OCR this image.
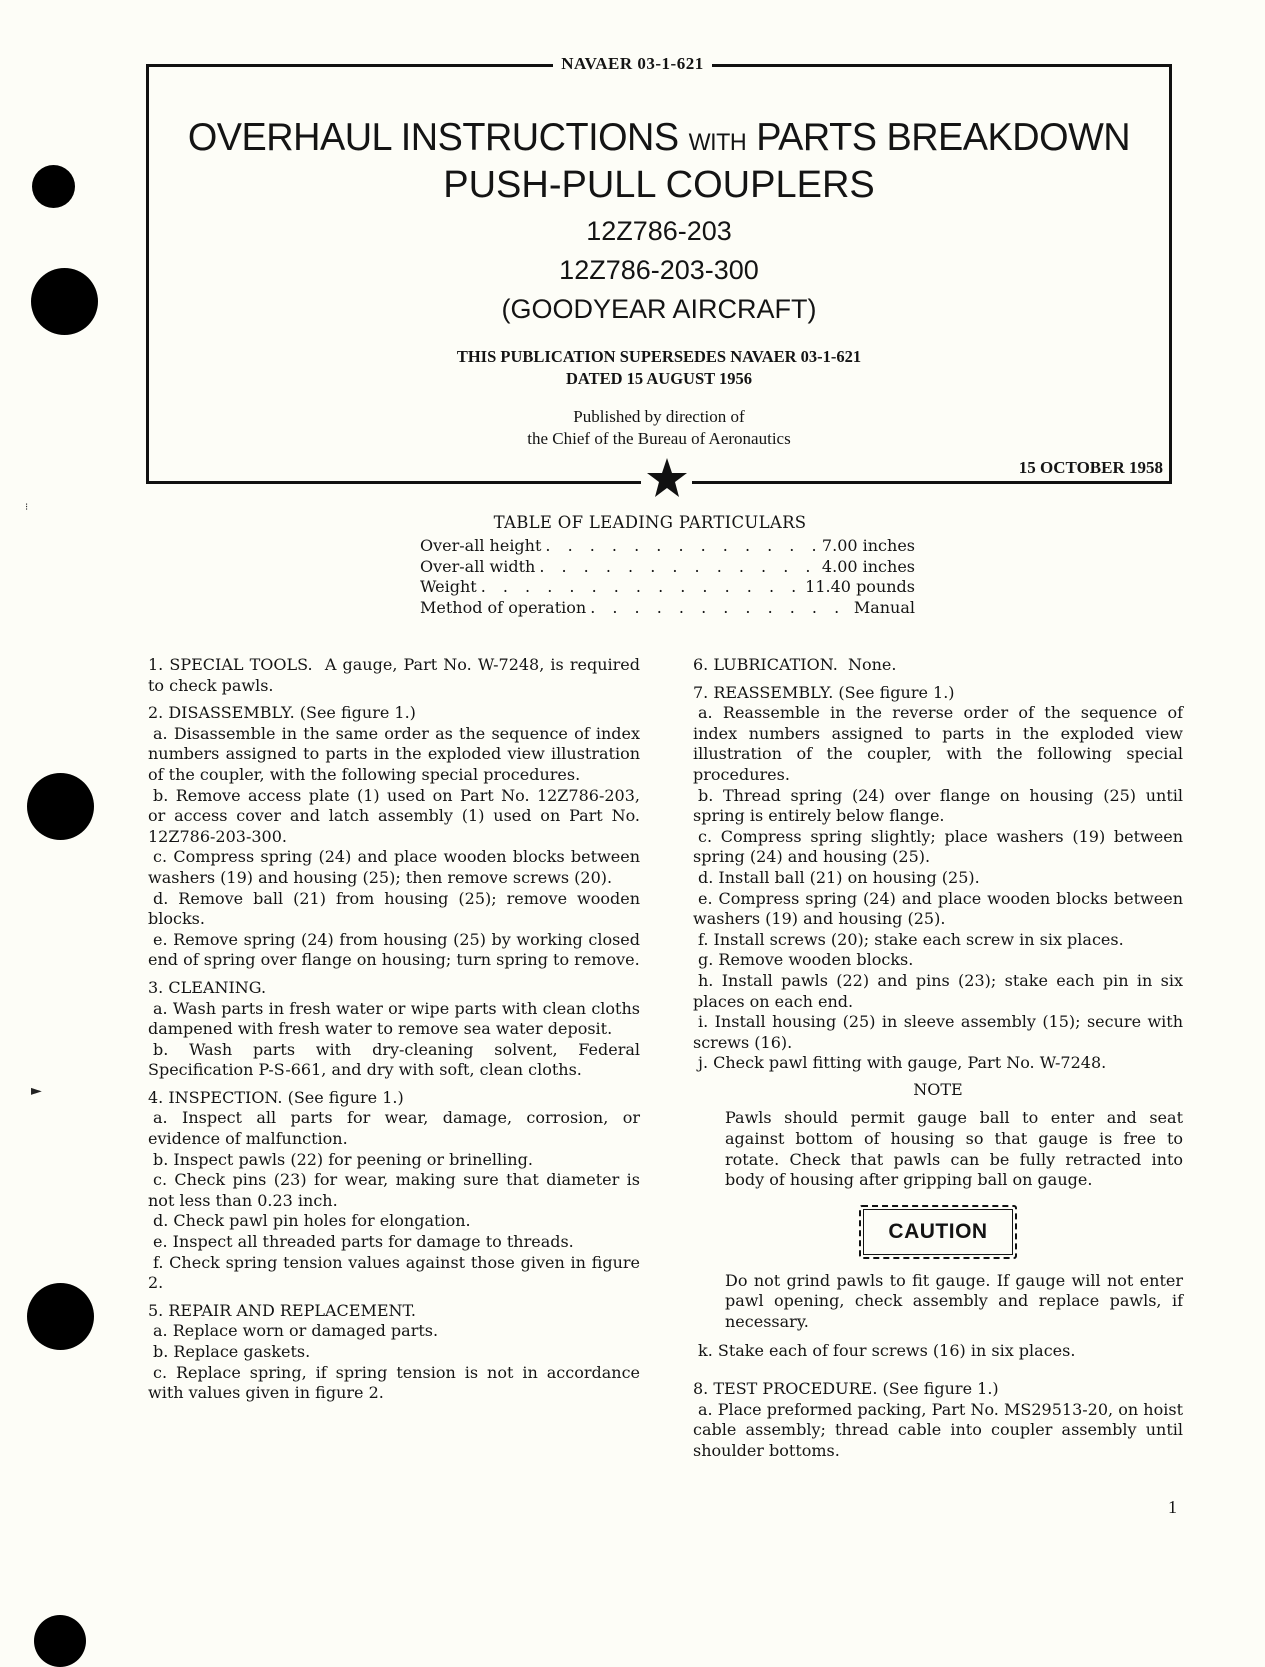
⁝
►
NAVAER 03-1-621
OVERHAUL INSTRUCTIONS WITH PARTS BREAKDOWN
PUSH-PULL COUPLERS
12Z786-203
12Z786-203-300
(GOODYEAR AIRCRAFT)
THIS PUBLICATION SUPERSEDES NAVAER 03-1-621
DATED 15 AUGUST 1956
Published by direction of
the Chief of the Bureau of Aeronautics
15 OCTOBER 1958
TABLE OF LEADING PARTICULARS
Over-all height . . .	7.00 inches
Over-all width . . .	4.00 inches
Weight . . .	11.40 pounds
Method of operation . . .	Manual
1. SPECIAL TOOLS. A gauge, Part No. W-7248, is required to check pawls.
2. DISASSEMBLY. (See figure 1.)
a. Disassemble in the same order as the sequence of index numbers assigned to parts in the exploded view illustration of the coupler, with the following special procedures.
b. Remove access plate (1) used on Part No. 12Z786-203, or access cover and latch assembly (1) used on Part No. 12Z786-203-300.
c. Compress spring (24) and place wooden blocks between washers (19) and housing (25); then remove screws (20).
d. Remove ball (21) from housing (25); remove wooden blocks.
e. Remove spring (24) from housing (25) by working closed end of spring over flange on housing; turn spring to remove.
3. CLEANING.
a. Wash parts in fresh water or wipe parts with clean cloths dampened with fresh water to remove sea water deposit.
b. Wash parts with dry-cleaning solvent, Federal Specification P-S-661, and dry with soft, clean cloths.
4. INSPECTION. (See figure 1.)
a. Inspect all parts for wear, damage, corrosion, or evidence of malfunction.
b. Inspect pawls (22) for peening or brinelling.
c. Check pins (23) for wear, making sure that diameter is not less than 0.23 inch.
d. Check pawl pin holes for elongation.
e. Inspect all threaded parts for damage to threads.
f. Check spring tension values against those given in figure 2.
5. REPAIR AND REPLACEMENT.
a. Replace worn or damaged parts.
b. Replace gaskets.
c. Replace spring, if spring tension is not in accordance with values given in figure 2.
6. LUBRICATION. None.
7. REASSEMBLY. (See figure 1.)
a. Reassemble in the reverse order of the sequence of index numbers assigned to parts in the exploded view illustration of the coupler, with the following special procedures.
b. Thread spring (24) over flange on housing (25) until spring is entirely below flange.
c. Compress spring slightly; place washers (19) between spring (24) and housing (25).
d. Install ball (21) on housing (25).
e. Compress spring (24) and place wooden blocks between washers (19) and housing (25).
f. Install screws (20); stake each screw in six places.
g. Remove wooden blocks.
h. Install pawls (22) and pins (23); stake each pin in six places on each end.
i. Install housing (25) in sleeve assembly (15); secure with screws (16).
j. Check pawl fitting with gauge, Part No. W-7248.
NOTE
Pawls should permit gauge ball to enter and seat against bottom of housing so that gauge is free to rotate. Check that pawls can be fully retracted into body of housing after gripping ball on gauge.
CAUTION
Do not grind pawls to fit gauge. If gauge will not enter pawl opening, check assembly and replace pawls, if necessary.
k. Stake each of four screws (16) in six places.
8. TEST PROCEDURE. (See figure 1.)
a. Place preformed packing, Part No. MS29513-20, on hoist cable assembly; thread cable into coupler assembly until shoulder bottoms.
1
